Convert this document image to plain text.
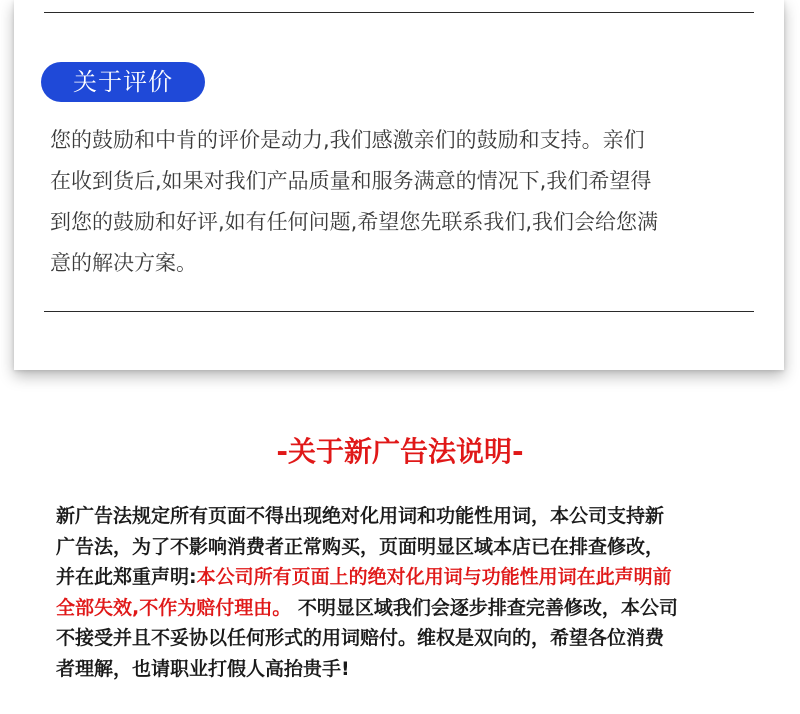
关于评价
您的鼓励和中肯的评价是动力,我们感激亲们的鼓励和支持。亲们
在收到货后,如果对我们产品质量和服务满意的情况下,我们希望得
到您的鼓励和好评,如有任何问题,希望您先联系我们,我们会给您满
意的解决方案。
-关于新广告法说明-
新广告法规定所有页面不得出现绝对化用词和功能性用词，本公司支持新
广告法，为了不影响消费者正常购买，页面明显区域本店已在排查修改，
并在此郑重声明:本公司所有页面上的绝对化用词与功能性用词在此声明前
全部失效,不作为赔付理由。 不明显区域我们会逐步排查完善修改，本公司
不接受并且不妥协以任何形式的用词赔付。维权是双向的，希望各位消费
者理解，也请职业打假人高抬贵手!
